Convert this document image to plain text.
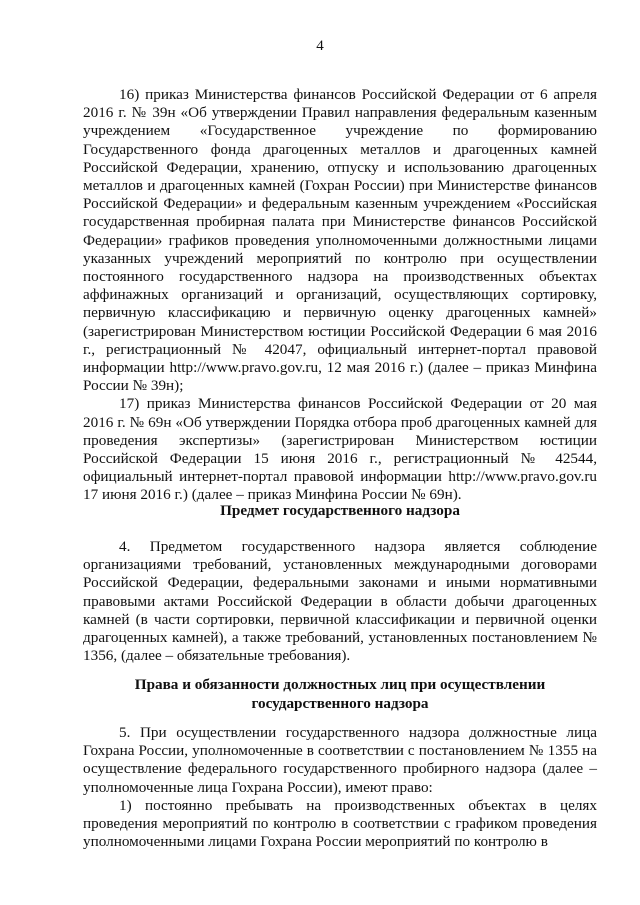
4

16) приказ Министерства финансов Российской Федерации от 6 апреля 2016 г. № 39н «Об утверждении Правил направления федеральным казенным учреждением «Государственное учреждение по формированию Государственного фонда драгоценных металлов и драгоценных камней Российской Федерации, хранению, отпуску и использованию драгоценных металлов и драгоценных камней (Гохран России) при Министерстве финансов Российской Федерации» и федеральным казенным учреждением «Российская государственная пробирная палата при Министерстве финансов Российской Федерации» графиков проведения уполномоченными должностными лицами указанных учреждений мероприятий по контролю при осуществлении постоянного государственного надзора на производственных объектах аффинажных организаций и организаций, осуществляющих сортировку, первичную классификацию и первичную оценку драгоценных камней» (зарегистрирован Министерством юстиции Российской Федерации 6 мая 2016 г., регистрационный № 42047, официальный интернет-портал правовой информации http://www.pravo.gov.ru, 12 мая 2016 г.) (далее – приказ Минфина России № 39н);

17) приказ Министерства финансов Российской Федерации от 20 мая 2016 г. № 69н «Об утверждении Порядка отбора проб драгоценных камней для проведения экспертизы» (зарегистрирован Министерством юстиции Российской Федерации 15 июня 2016 г., регистрационный № 42544, официальный интернет-портал правовой информации http://www.pravo.gov.ru 17 июня 2016 г.) (далее – приказ Минфина России № 69н).

Предмет государственного надзора

4. Предметом государственного надзора является соблюдение организациями требований, установленных международными договорами Российской Федерации, федеральными законами и иными нормативными правовыми актами Российской Федерации в области добычи драгоценных камней (в части сортировки, первичной классификации и первичной оценки драгоценных камней), а также требований, установленных постановлением № 1356, (далее – обязательные требования).

Права и обязанности должностных лиц при осуществлении
государственного надзора

5. При осуществлении государственного надзора должностные лица Гохрана России, уполномоченные в соответствии с постановлением № 1355 на осуществление федерального государственного пробирного надзора (далее – уполномоченные лица Гохрана России), имеют право:

1) постоянно пребывать на производственных объектах в целях проведения мероприятий по контролю в соответствии с графиком проведения уполномоченными лицами Гохрана России мероприятий по контролю в
